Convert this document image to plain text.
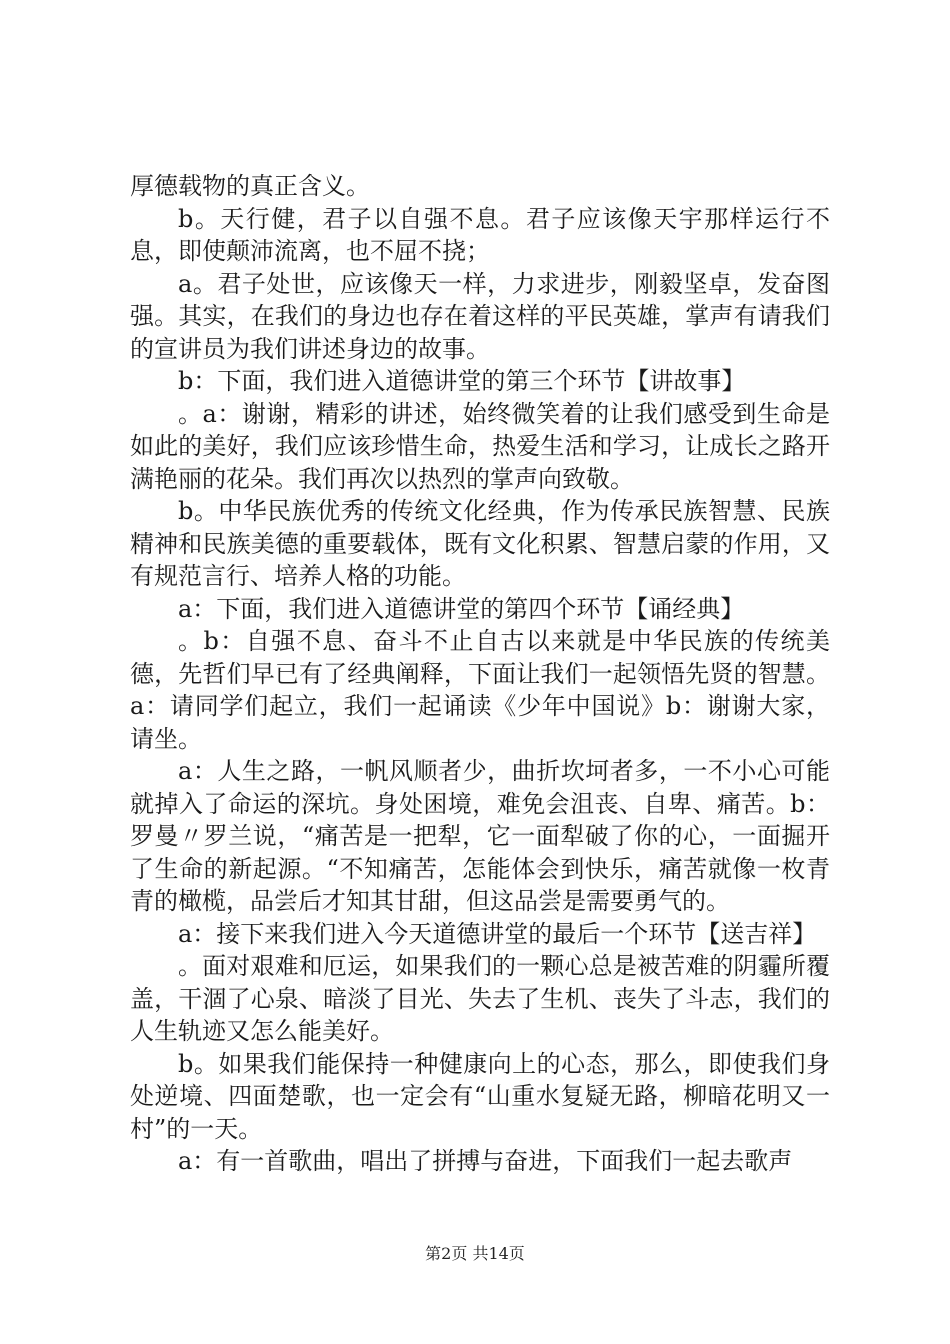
厚德载物的真正含义。

b。天行健，君子以自强不息。君子应该像天宇那样运行不息，即使颠沛流离，也不屈不挠；

a。君子处世，应该像天一样，力求进步，刚毅坚卓，发奋图强。其实，在我们的身边也存在着这样的平民英雄，掌声有请我们的宣讲员为我们讲述身边的故事。

b：下面，我们进入道德讲堂的第三个环节【讲故事】

。a：谢谢，精彩的讲述，始终微笑着的让我们感受到生命是如此的美好，我们应该珍惜生命，热爱生活和学习，让成长之路开满艳丽的花朵。我们再次以热烈的掌声向致敬。

b。中华民族优秀的传统文化经典，作为传承民族智慧、民族精神和民族美德的重要载体，既有文化积累、智慧启蒙的作用，又有规范言行、培养人格的功能。

a：下面，我们进入道德讲堂的第四个环节【诵经典】

。b：自强不息、奋斗不止自古以来就是中华民族的传统美德，先哲们早已有了经典阐释，下面让我们一起领悟先贤的智慧。a：请同学们起立，我们一起诵读《少年中国说》b：谢谢大家，请坐。

a：人生之路，一帆风顺者少，曲折坎坷者多，一不小心可能就掉入了命运的深坑。身处困境，难免会沮丧、自卑、痛苦。b：罗曼〃罗兰说，“痛苦是一把犁，它一面犁破了你的心，一面掘开了生命的新起源。“不知痛苦，怎能体会到快乐，痛苦就像一枚青青的橄榄，品尝后才知其甘甜，但这品尝是需要勇气的。

a：接下来我们进入今天道德讲堂的最后一个环节【送吉祥】

。面对艰难和厄运，如果我们的一颗心总是被苦难的阴霾所覆盖，干涸了心泉、暗淡了目光、失去了生机、丧失了斗志，我们的人生轨迹又怎么能美好。

b。如果我们能保持一种健康向上的心态，那么，即使我们身处逆境、四面楚歌，也一定会有“山重水复疑无路，柳暗花明又一村”的一天。

a：有一首歌曲，唱出了拼搏与奋进，下面我们一起去歌声

第2页 共14页
